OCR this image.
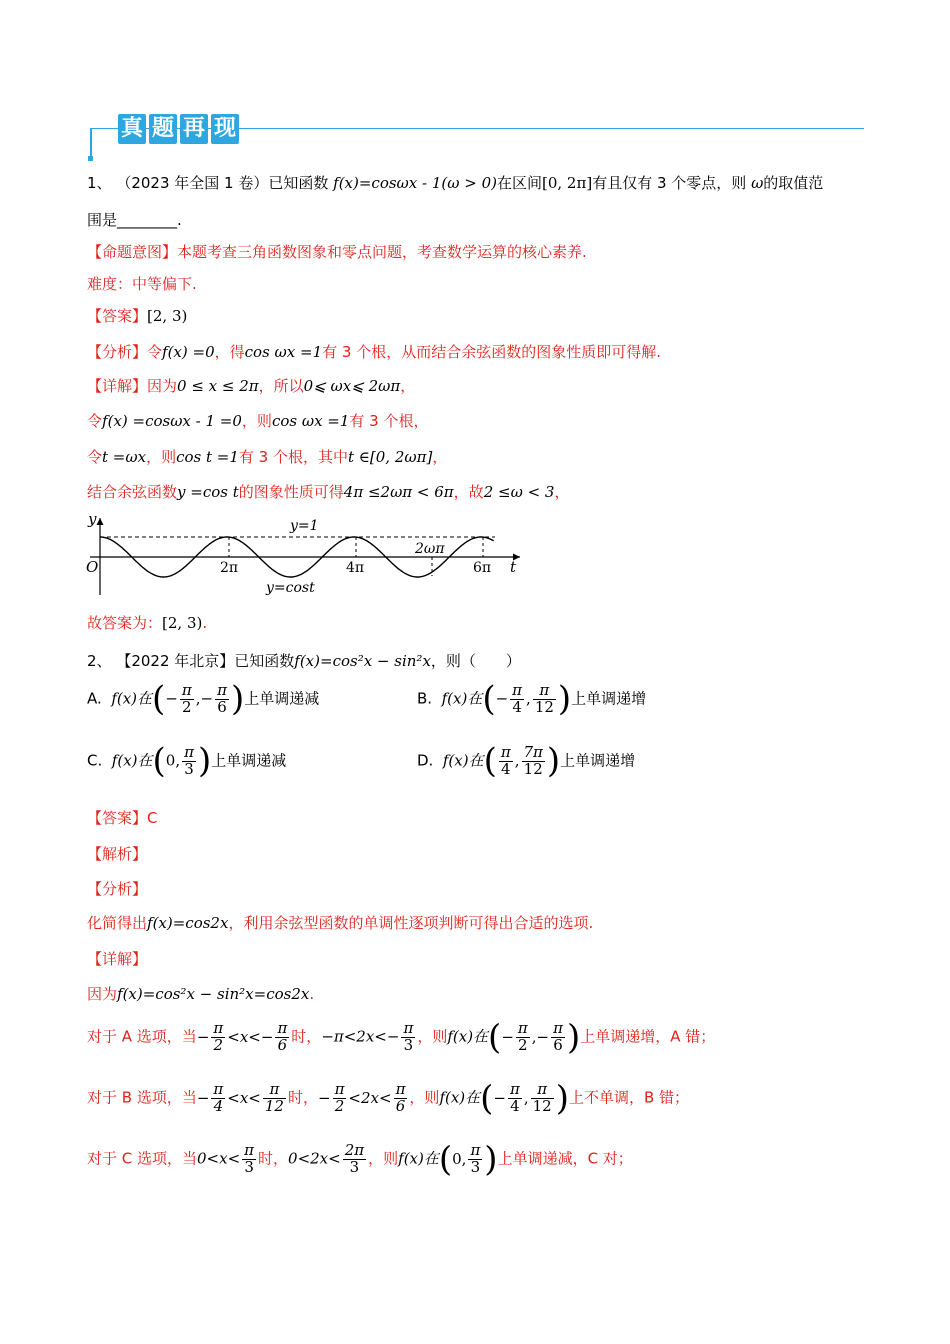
真 题 再 现
1、 （2023 年全国 1 卷）已知函数 f(x)=cosωx - 1(ω > 0)在区间[0, 2π]有且仅有 3 个零点，则 ω的取值范
围是________.
【命题意图】本题考查三角函数图象和零点问题，考查数学运算的核心素养.
难度：中等偏下.
【答案】[2, 3)
【分析】令f(x) =0，得cos ωx =1有 3 个根，从而结合余弦函数的图象性质即可得解.
【详解】因为0 ≤ x ≤ 2π，所以0⩽ ωx⩽ 2ωπ，
令f(x) =cosωx - 1 =0，则cos ωx =1有 3 个根，
令t =ωx，则cos t =1有 3 个根，其中t ∈[0, 2ωπ]，
结合余弦函数y =cos t的图象性质可得4π ≤2ωπ < 6π，故2 ≤ω < 3，
y
t
O
y=1
y=cost
2π	4π	6π
2ωπ
故答案为：[2, 3).
2、 【2022 年北京】已知函数f(x)=cos²x − sin²x，则（　　）
A. f(x)在(− $\frac{\pi}{2}$ ,− $\frac{\pi}{6}$ )上单调递减	B. f(x)在(− $\frac{\pi}{4}$ , $\frac{\pi}{12}$ )上单调递增
C. f(x)在(0, $\frac{\pi}{3}$ )上单调递减	D. f(x)在( $\frac{\pi}{4}$ , $\frac{7\pi}{12}$ )上单调递增
【答案】C
【解析】
【分析】
化简得出f(x)=cos2x，利用余弦型函数的单调性逐项判断可得出合适的选项.
【详解】
因为f(x)=cos²x − sin²x=cos2x.
对于 A 选项，当− $\frac{\pi}{2} <x<- \frac{\pi}{6}$ 时，$-\pi<2x<- \frac{\pi}{3}$ ，则f(x)在(− $\frac{\pi}{2}$ ,− $\frac{\pi}{6}$ )上单调递增，A 错；
对于 B 选项，当− $\frac{\pi}{4} <x< \frac{\pi}{12}$ 时，− $\frac{\pi}{2} <2x< \frac{\pi}{6}$ ，则f(x)在(− $\frac{\pi}{4}$ , $\frac{\pi}{12}$ )上不单调，B 错；
对于 C 选项，当$0<x< \frac{\pi}{3}$ 时，$0<2x< \frac{2\pi}{3}$ ，则f(x)在(0, $\frac{\pi}{3}$ )上单调递减，C 对；
